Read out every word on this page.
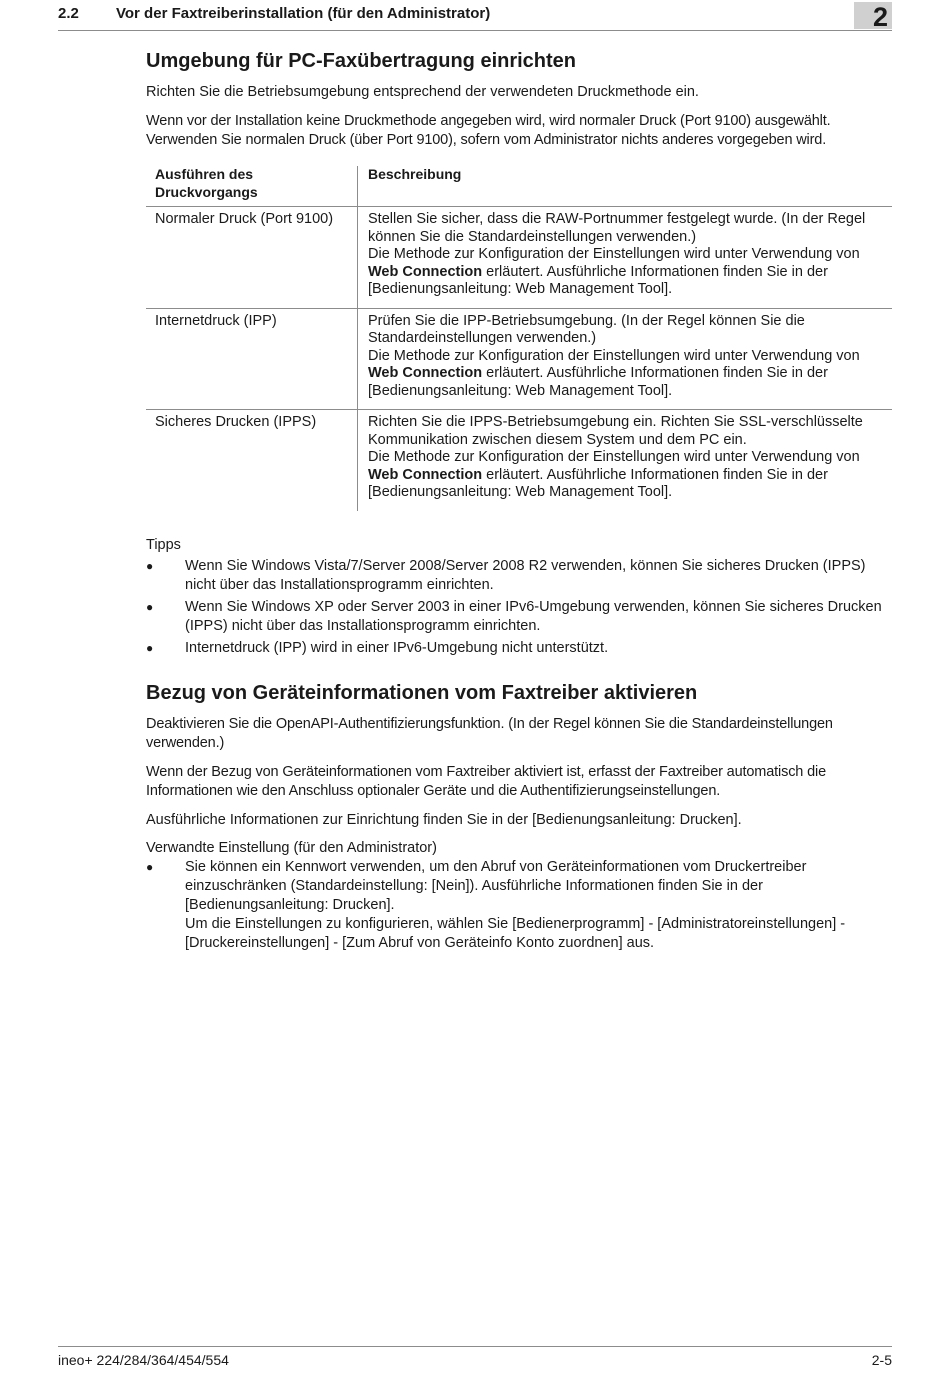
2.2 Vor der Faxtreiberinstallation (für den Administrator)	2
Umgebung für PC-Faxübertragung einrichten

Richten Sie die Betriebsumgebung entsprechend der verwendeten Druckmethode ein.

Wenn vor der Installation keine Druckmethode angegeben wird, wird normaler Druck (Port 9100) ausgewählt. Verwenden Sie normalen Druck (über Port 9100), sofern vom Administrator nichts anderes vorgegeben wird.

Ausführen des Druckvorgangs	Beschreibung
Normaler Druck (Port 9100)	Stellen Sie sicher, dass die RAW-Portnummer festgelegt wurde. (In der Regel können Sie die Standardeinstellungen verwenden.)
Die Methode zur Konfiguration der Einstellungen wird unter Verwendung von Web Connection erläutert. Ausführliche Informationen finden Sie in der [Bedienungsanleitung: Web Management Tool].
Internetdruck (IPP)	Prüfen Sie die IPP-Betriebsumgebung. (In der Regel können Sie die Standardeinstellungen verwenden.)
Die Methode zur Konfiguration der Einstellungen wird unter Verwendung von Web Connection erläutert. Ausführliche Informationen finden Sie in der [Bedienungsanleitung: Web Management Tool].
Sicheres Drucken (IPPS)	Richten Sie die IPPS-Betriebsumgebung ein. Richten Sie SSL-verschlüsselte Kommunikation zwischen diesem System und dem PC ein.
Die Methode zur Konfiguration der Einstellungen wird unter Verwendung von Web Connection erläutert. Ausführliche Informationen finden Sie in der [Bedienungsanleitung: Web Management Tool].
Tipps
● Wenn Sie Windows Vista/7/Server 2008/Server 2008 R2 verwenden, können Sie sicheres Drucken (IPPS) nicht über das Installationsprogramm einrichten.
● Wenn Sie Windows XP oder Server 2003 in einer IPv6-Umgebung verwenden, können Sie sicheres Drucken (IPPS) nicht über das Installationsprogramm einrichten.
● Internetdruck (IPP) wird in einer IPv6-Umgebung nicht unterstützt.
Bezug von Geräteinformationen vom Faxtreiber aktivieren

Deaktivieren Sie die OpenAPI-Authentifizierungsfunktion. (In der Regel können Sie die Standardeinstellungen verwenden.)

Wenn der Bezug von Geräteinformationen vom Faxtreiber aktiviert ist, erfasst der Faxtreiber automatisch die Informationen wie den Anschluss optionaler Geräte und die Authentifizierungseinstellungen.

Ausführliche Informationen zur Einrichtung finden Sie in der [Bedienungsanleitung: Drucken].

Verwandte Einstellung (für den Administrator)
● Sie können ein Kennwort verwenden, um den Abruf von Geräteinformationen vom Druckertreiber einzuschränken (Standardeinstellung: [Nein]). Ausführliche Informationen finden Sie in der [Bedienungsanleitung: Drucken].
Um die Einstellungen zu konfigurieren, wählen Sie [Bedienerprogramm] - [Administratoreinstellungen] - [Druckereinstellungen] - [Zum Abruf von Geräteinfo Konto zuordnen] aus.
ineo+ 224/284/364/454/554	2-5
